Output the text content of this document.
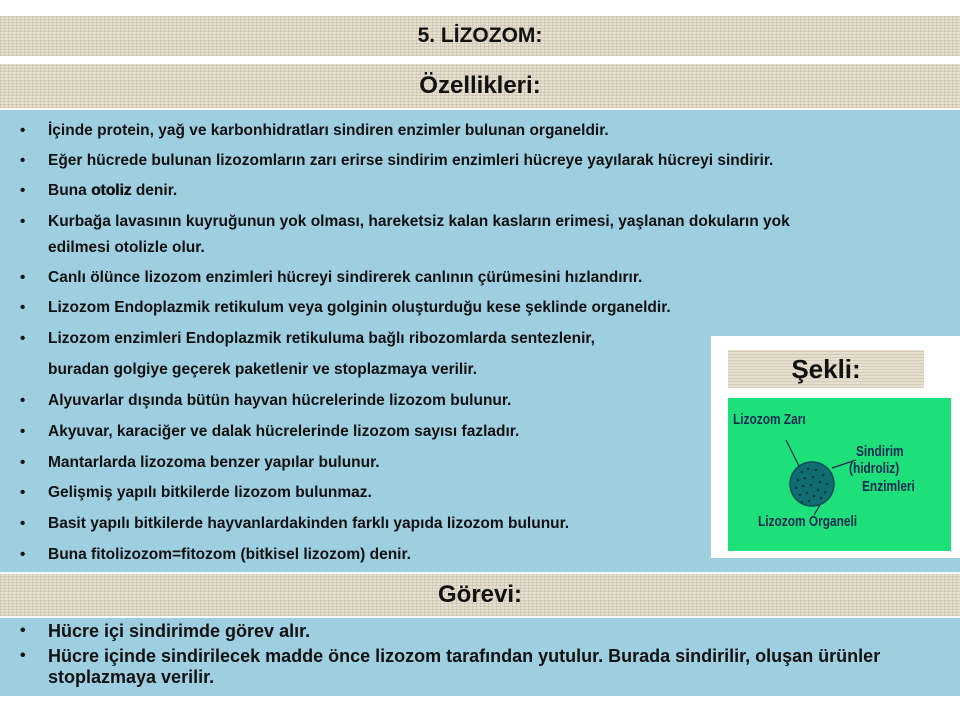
5. LİZOZOM:
Özellikleri:
• İçinde protein, yağ ve karbonhidratları sindiren enzimler bulunan organeldir.
• Eğer hücrede bulunan lizozomların zarı erirse sindirim enzimleri hücreye yayılarak hücreyi sindirir.
• Buna otoliz denir.
• Kurbağa lavasının kuyruğunun yok olması, hareketsiz kalan kasların erimesi, yaşlanan dokuların yok
edilmesi otolizle olur.
• Canlı ölünce lizozom enzimleri hücreyi sindirerek canlının çürümesini hızlandırır.
• Lizozom Endoplazmik retikulum veya golginin oluşturduğu kese şeklinde organeldir.
• Lizozom enzimleri Endoplazmik retikuluma bağlı ribozomlarda sentezlenir,
buradan golgiye geçerek paketlenir ve stoplazmaya verilir.
• Alyuvarlar dışında bütün hayvan hücrelerinde lizozom bulunur.
• Akyuvar, karaciğer ve dalak hücrelerinde lizozom sayısı fazladır.
• Mantarlarda lizozoma benzer yapılar bulunur.
• Gelişmiş yapılı bitkilerde lizozom bulunmaz.
• Basit yapılı bitkilerde hayvanlardakinden farklı yapıda lizozom bulunur.
• Buna fitolizozom=fitozom (bitkisel lizozom) denir.
Şekli:
Lizozom Zarı
Sindirim
(hidroliz)
Enzimleri
Lizozom Organeli
Görevi:
• Hücre içi sindirimde görev alır.
• Hücre içinde sindirilecek madde önce lizozom tarafından yutulur. Burada sindirilir, oluşan ürünler
stoplazmaya verilir.
